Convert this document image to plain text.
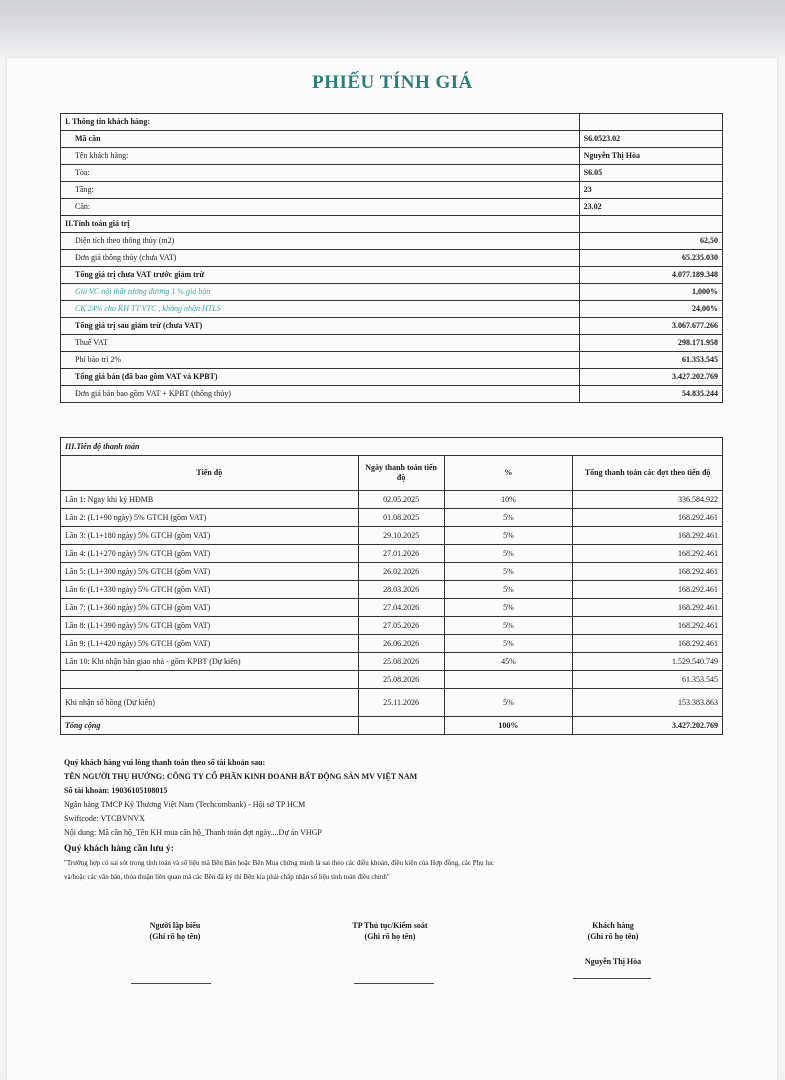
PHIẾU TÍNH GIÁ
I. Thông tin khách hàng:	
Mã căn	S6.0523.02
Tên khách hàng:	Nguyễn Thị Hòa
Tòa:	S6.05
Tầng:	23
Căn:	23.02
II.Tính toán giá trị	
Diện tích theo thông thủy (m2)	62,50
Đơn giá thông thủy (chưa VAT)	65.235.030
Tổng giá trị chưa VAT trước giảm trừ	4.077.189.348
Giá VC nội thất tương đương 1 % giá bán	1,000%
CK 24% cho KH TT VTC , không nhận HTLS	24,00%
Tổng giá trị sau giảm trừ (chưa VAT)	3.067.677.266
Thuế VAT	298.171.958
Phí bảo trì 2%	61.353.545
Tổng giá bán (đã bao gồm VAT và KPBT)	3.427.202.769
Đơn giá bán bao gồm VAT + KPBT (thông thủy)	54.835.244
III.Tiến độ thanh toán			
Tiến độ	Ngày thanh toán tiến độ	%	Tổng thanh toán các đợt theo tiến độ
Lần 1: Ngay khi ký HĐMB	02.05.2025	10%	336.584.922
Lần 2: (L1+90 ngày) 5% GTCH (gồm VAT)	01.08.2025	5%	168.292.461
Lần 3: (L1+180 ngày) 5% GTCH (gồm VAT)	29.10.2025	5%	168.292.461
Lần 4: (L1+270 ngày) 5% GTCH (gồm VAT)	27.01.2026	5%	168.292.461
Lần 5: (L1+300 ngày) 5% GTCH (gồm VAT)	26.02.2026	5%	168.292.461
Lần 6: (L1+330 ngày) 5% GTCH (gồm VAT)	28.03.2026	5%	168.292.461
Lần 7: (L1+360 ngày) 5% GTCH (gồm VAT)	27.04.2026	5%	168.292.461
Lần 8: (L1+390 ngày) 5% GTCH (gồm VAT)	27.05.2026	5%	168.292.461
Lần 9: (L1+420 ngày) 5% GTCH (gồm VAT)	26.06.2026	5%	168.292.461
Lần 10: Khi nhận bàn giao nhà - gồm KPBT (Dự kiến)	25.08.2026	45%	1.529.540.749
	25.08.2026		61.353.545
Khi nhận sổ hồng (Dự kiến)	25.11.2026	5%	153.383.863
Tổng cộng		100%	3.427.202.769
Quý khách hàng vui lòng thanh toán theo số tài khoản sau:
TÊN NGƯỜI THỤ HƯỞNG: CÔNG TY CỔ PHẦN KINH DOANH BẤT ĐỘNG SẢN MV VIỆT NAM
Số tài khoản: 19036105108015
Ngân hàng TMCP Kỹ Thương Việt Nam (Techcombank) - Hội sở TP HCM
Swiftcode: VTCBVNVX
Nội dung: Mã căn hộ_Tên KH mua căn hộ_Thanh toán đợt ngày....Dự án VHGP
Quý khách hàng cần lưu ý:
"Trường hợp có sai sót trong tính toán và số liệu mà Bên Bán hoặc Bên Mua chứng minh là sai theo các điều khoản, điều kiện của Hợp đồng, các Phụ lục
và/hoặc các văn bản, thỏa thuận liên quan mà các Bên đã ký thì Bên kia phải chấp nhận số liệu tính toán điều chỉnh"
Người lập biểu
(Ghi rõ họ tên)
TP Thủ tục/Kiểm soát
(Ghi rõ họ tên)
Khách hàng
(Ghi rõ họ tên)
Nguyễn Thị Hòa
